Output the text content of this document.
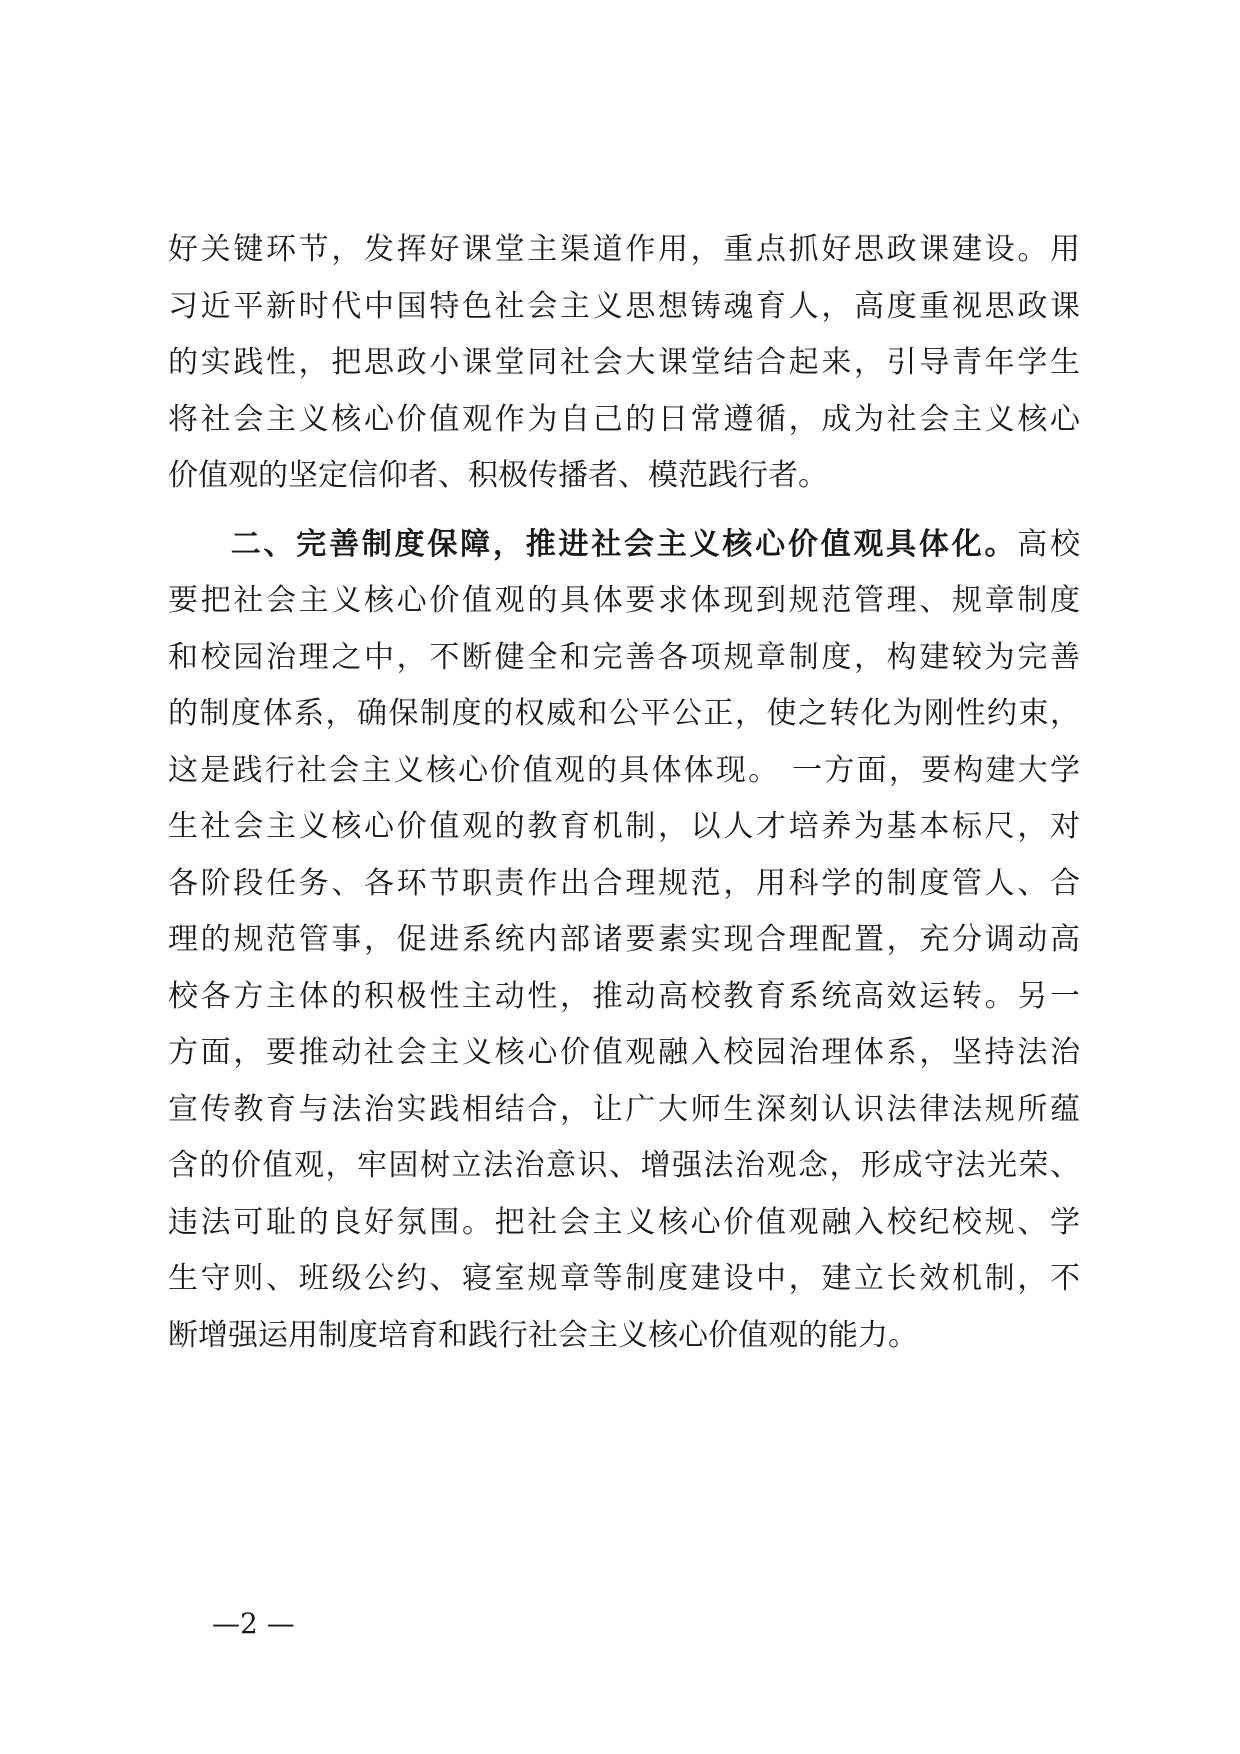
好关键环节，发挥好课堂主渠道作用，重点抓好思政课建设。用
习近平新时代中国特色社会主义思想铸魂育人，高度重视思政课
的实践性，把思政小课堂同社会大课堂结合起来，引导青年学生
将社会主义核心价值观作为自己的日常遵循，成为社会主义核心
价值观的坚定信仰者、积极传播者、模范践行者。
二、完善制度保障，推进社会主义核心价值观具体化。高校
要把社会主义核心价值观的具体要求体现到规范管理、规章制度
和校园治理之中，不断健全和完善各项规章制度，构建较为完善
的制度体系，确保制度的权威和公平公正，使之转化为刚性约束，
这是践行社会主义核心价值观的具体体现。 一方面，要构建大学
生社会主义核心价值观的教育机制，以人才培养为基本标尺，对
各阶段任务、各环节职责作出合理规范，用科学的制度管人、合
理的规范管事，促进系统内部诸要素实现合理配置，充分调动高
校各方主体的积极性主动性，推动高校教育系统高效运转。另一
方面，要推动社会主义核心价值观融入校园治理体系，坚持法治
宣传教育与法治实践相结合，让广大师生深刻认识法律法规所蕴
含的价值观，牢固树立法治意识、增强法治观念，形成守法光荣、
违法可耻的良好氛围。把社会主义核心价值观融入校纪校规、学
生守则、班级公约、寝室规章等制度建设中，建立长效机制，不
断增强运用制度培育和践行社会主义核心价值观的能力。
—2 —
